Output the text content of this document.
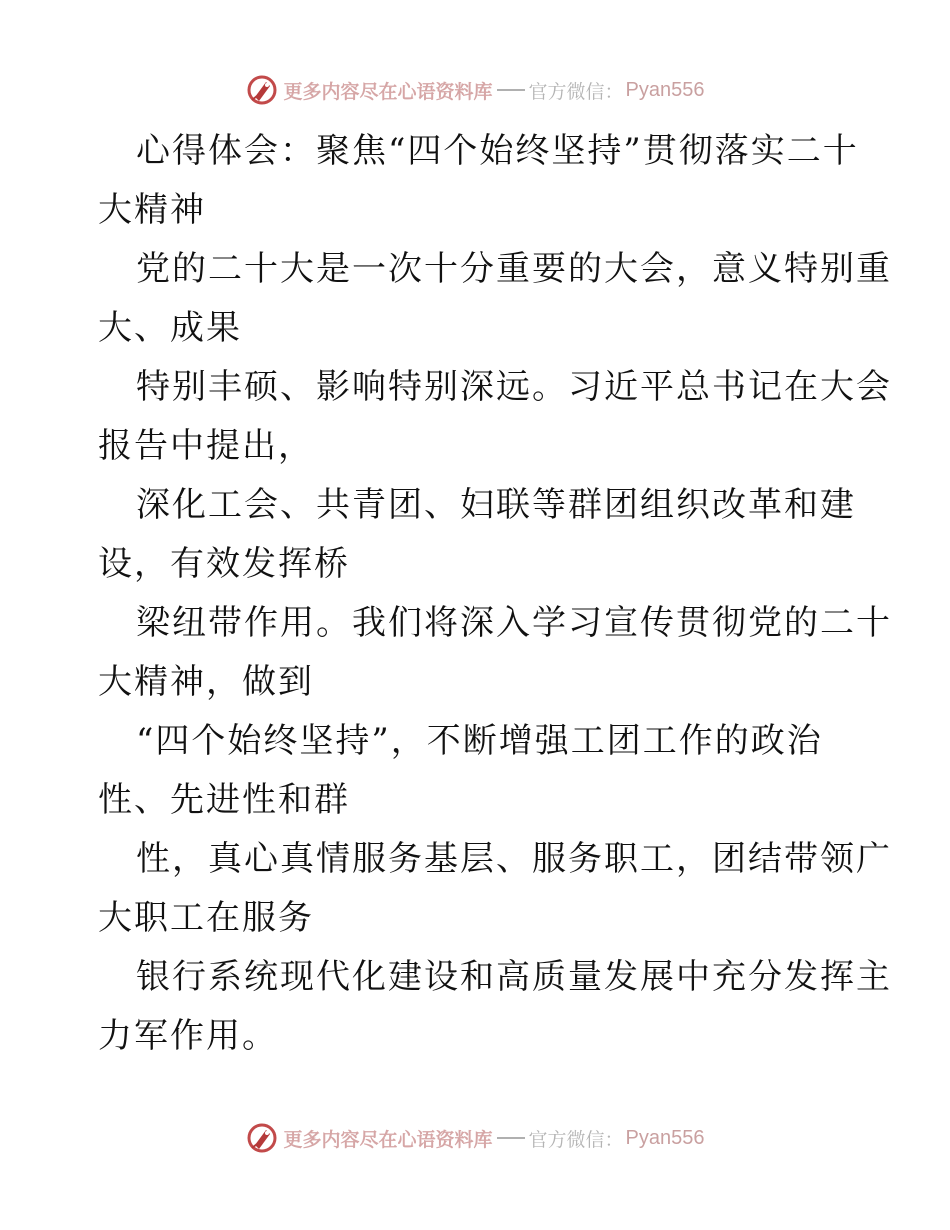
更多内容尽在心语资料库 官方微信： Pyan556
心得体会：聚焦“四个始终坚持”贯彻落实二十
大精神
党的二十大是一次十分重要的大会，意义特别重
大、成果
特别丰硕、影响特别深远。习近平总书记在大会
报告中提出，
深化工会、共青团、妇联等群团组织改革和建
设，有效发挥桥
梁纽带作用。我们将深入学习宣传贯彻党的二十
大精神，做到
“四个始终坚持”，不断增强工团工作的政治
性、先进性和群
性，真心真情服务基层、服务职工，团结带领广
大职工在服务
银行系统现代化建设和高质量发展中充分发挥主
力军作用。
更多内容尽在心语资料库 官方微信： Pyan556
